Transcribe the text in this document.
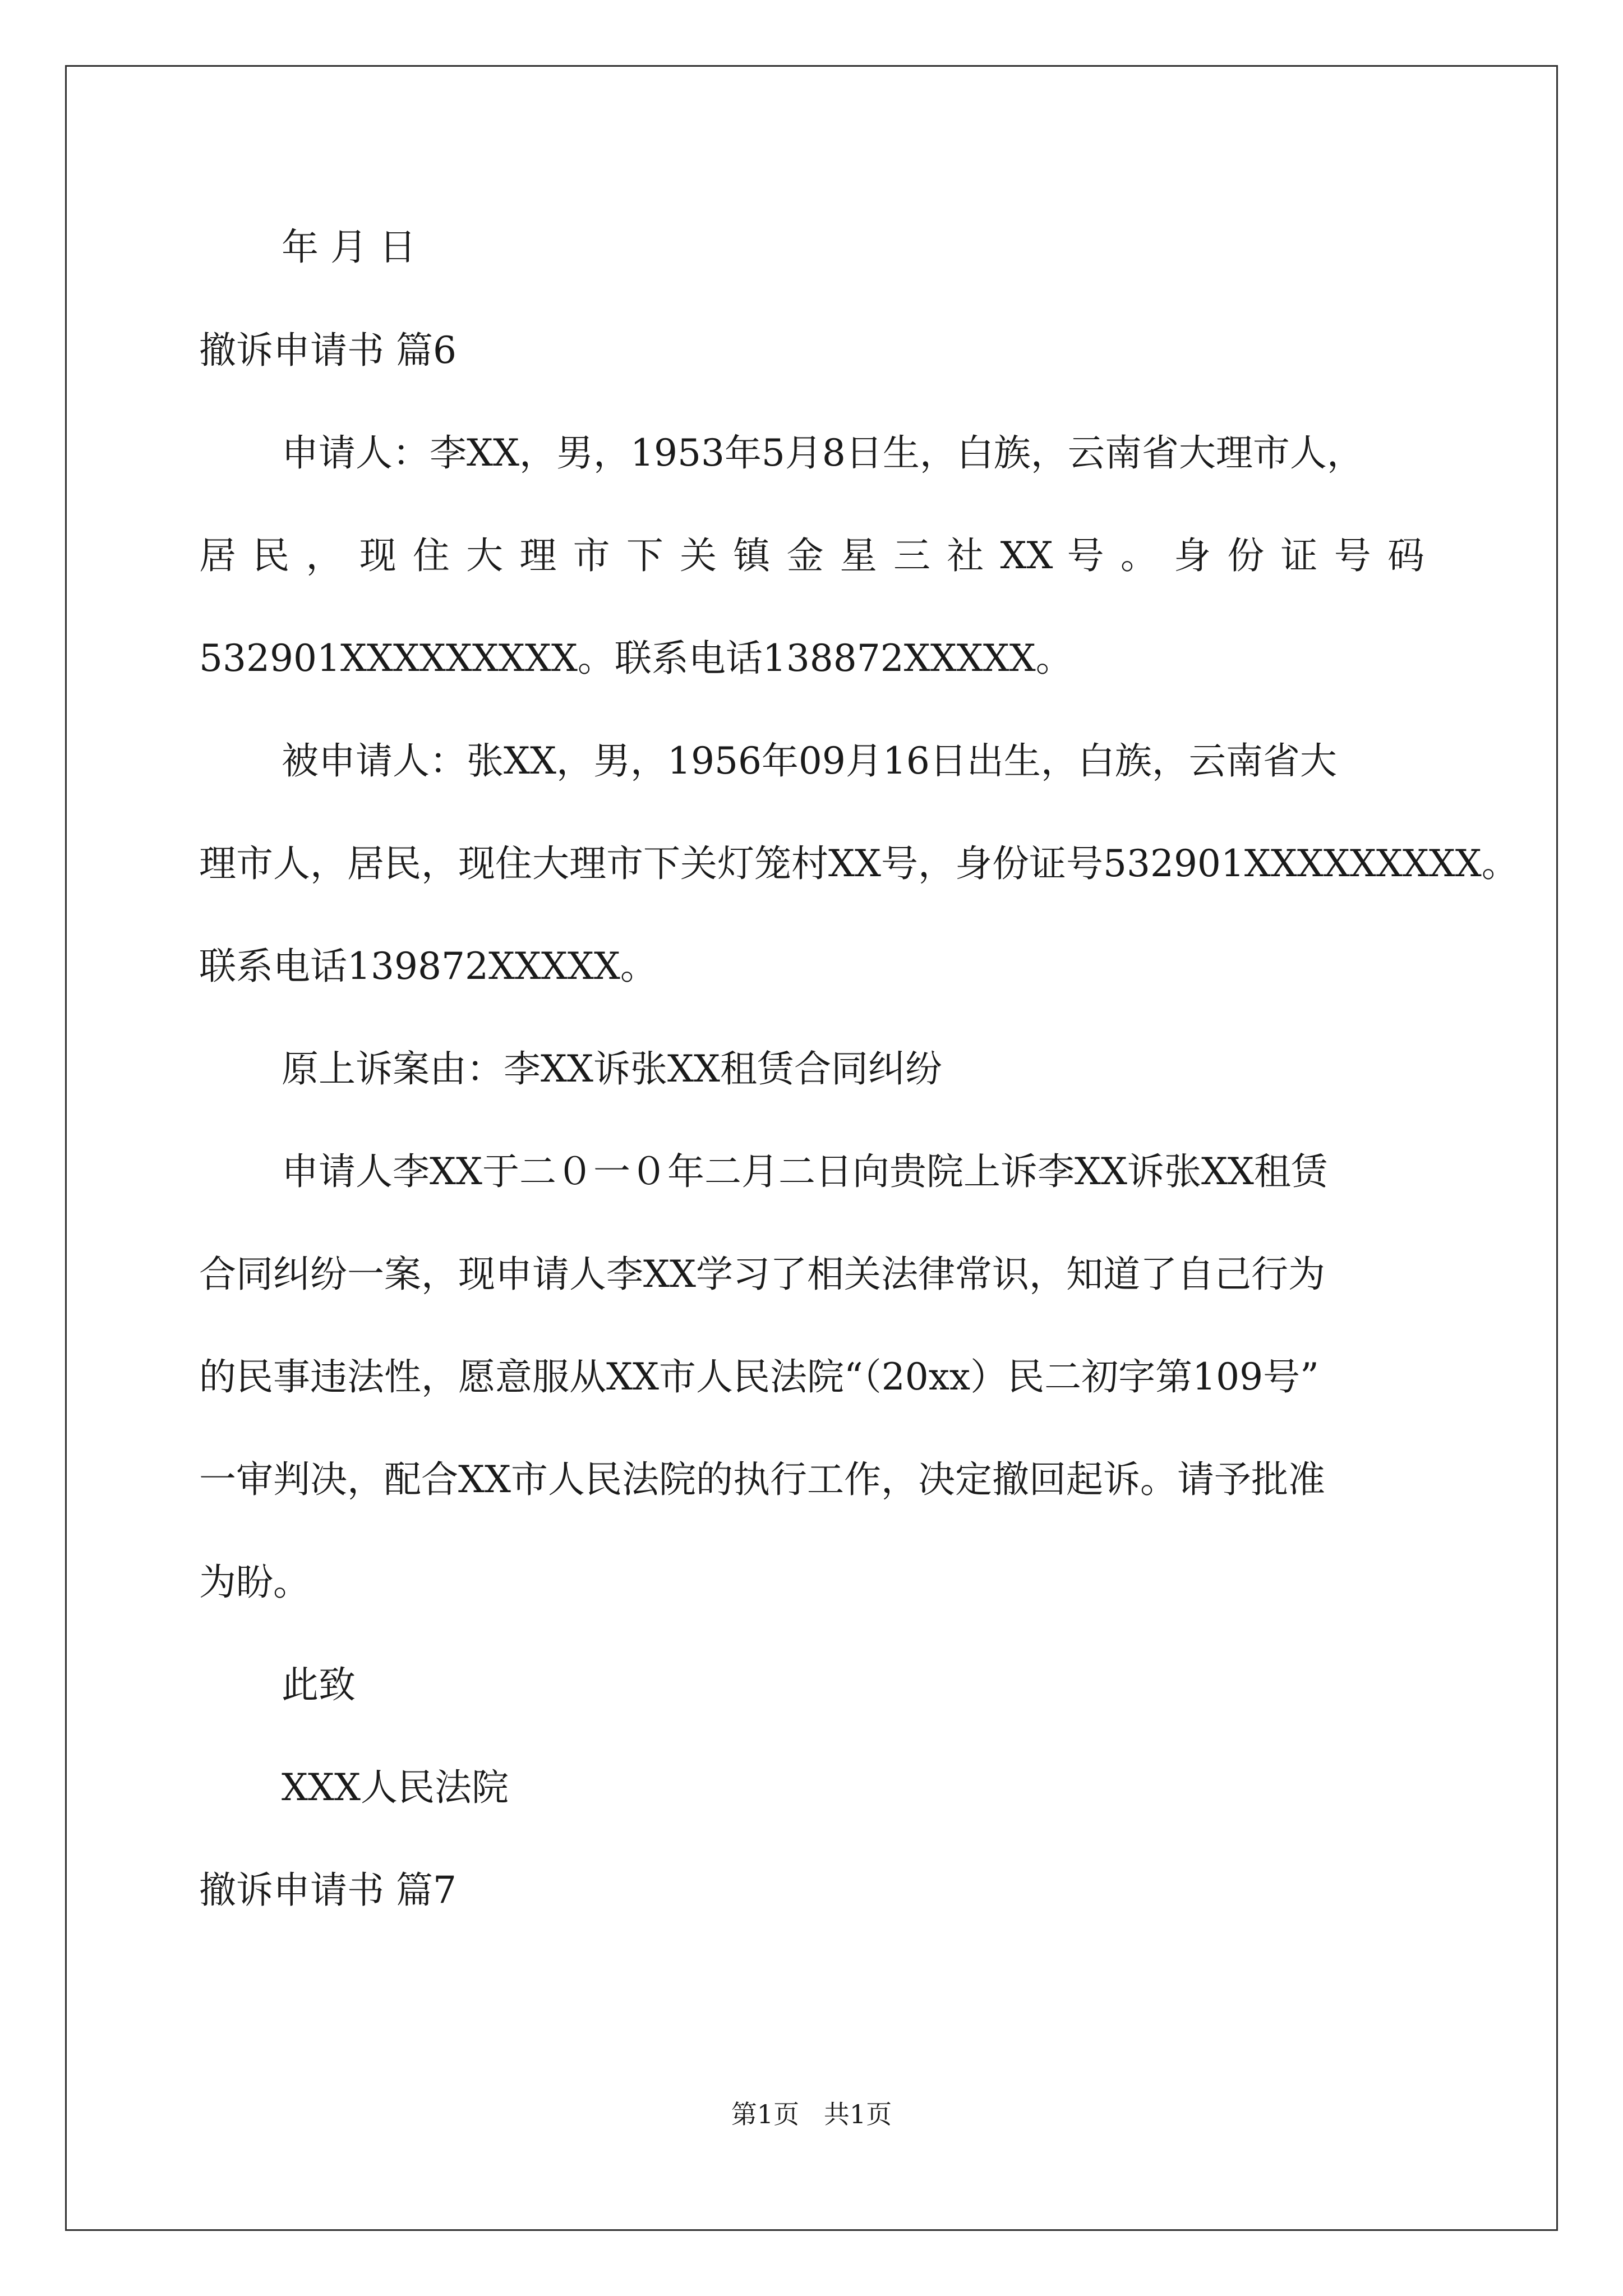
年 月 日
撤诉申请书 篇6
申请人：李XX，男，1953年5月8日生，白族，云南省大理市人，
居 民 ， 现 住 大 理 市 下 关 镇 金 星 三 社 XX 号 。 身 份 证 号 码
532901XXXXXXXXX。联系电话138872XXXXX。
被申请人：张XX，男，1956年09月16日出生，白族，云南省大
理市人，居民，现住大理市下关灯笼村XX号，身份证号532901XXXXXXXXX。
联系电话139872XXXXX。
原上诉案由：李XX诉张XX租赁合同纠纷
申请人李XX于二０一０年二月二日向贵院上诉李XX诉张XX租赁
合同纠纷一案，现申请人李XX学习了相关法律常识，知道了自己行为
的民事违法性，愿意服从XX市人民法院“（20xx）民二初字第109号”
一审判决，配合XX市人民法院的执行工作，决定撤回起诉。请予批准
为盼。
此致
XXX人民法院
撤诉申请书 篇7
第1页   共1页
